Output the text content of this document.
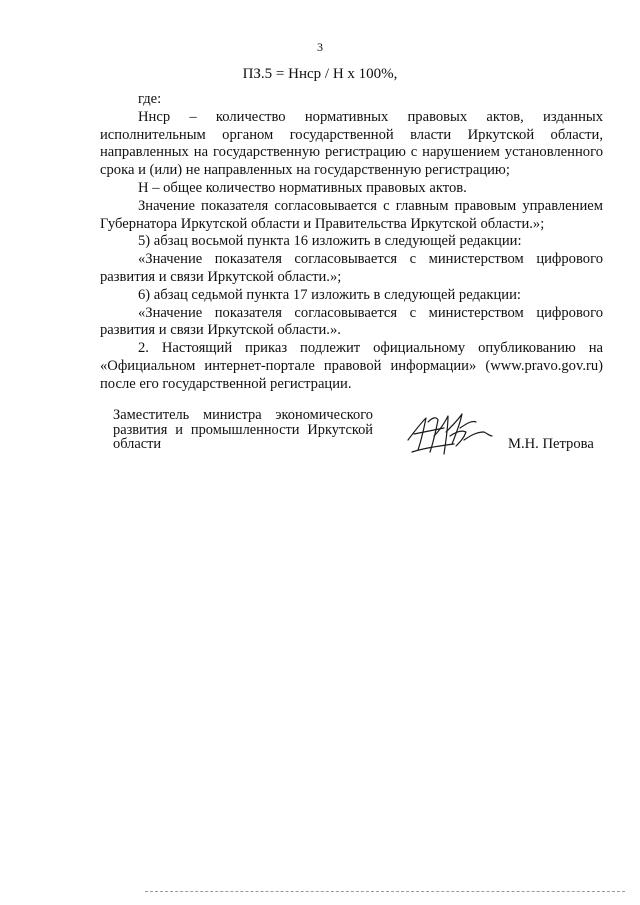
3
ПЗ.5 = Ннср / Н х 100%,

где:

Ннср – количество нормативных правовых актов, изданных исполнительным органом государственной власти Иркутской области, направленных на государственную регистрацию с нарушением установленного срока и (или) не направленных на государственную регистрацию;

Н – общее количество нормативных правовых актов.

Значение показателя согласовывается с главным правовым управлением Губернатора Иркутской области и Правительства Иркутской области.»;

5) абзац восьмой пункта 16 изложить в следующей редакции:

«Значение показателя согласовывается с министерством цифрового развития и связи Иркутской области.»;

6) абзац седьмой пункта 17 изложить в следующей редакции:

«Значение показателя согласовывается с министерством цифрового развития и связи Иркутской области.».

2. Настоящий приказ подлежит официальному опубликованию на «Официальном интернет-портале правовой информации» (www.pravo.gov.ru) после его государственной регистрации.

Заместитель министра экономического
развития и промышленности Иркутской
области	М.Н. Петрова
